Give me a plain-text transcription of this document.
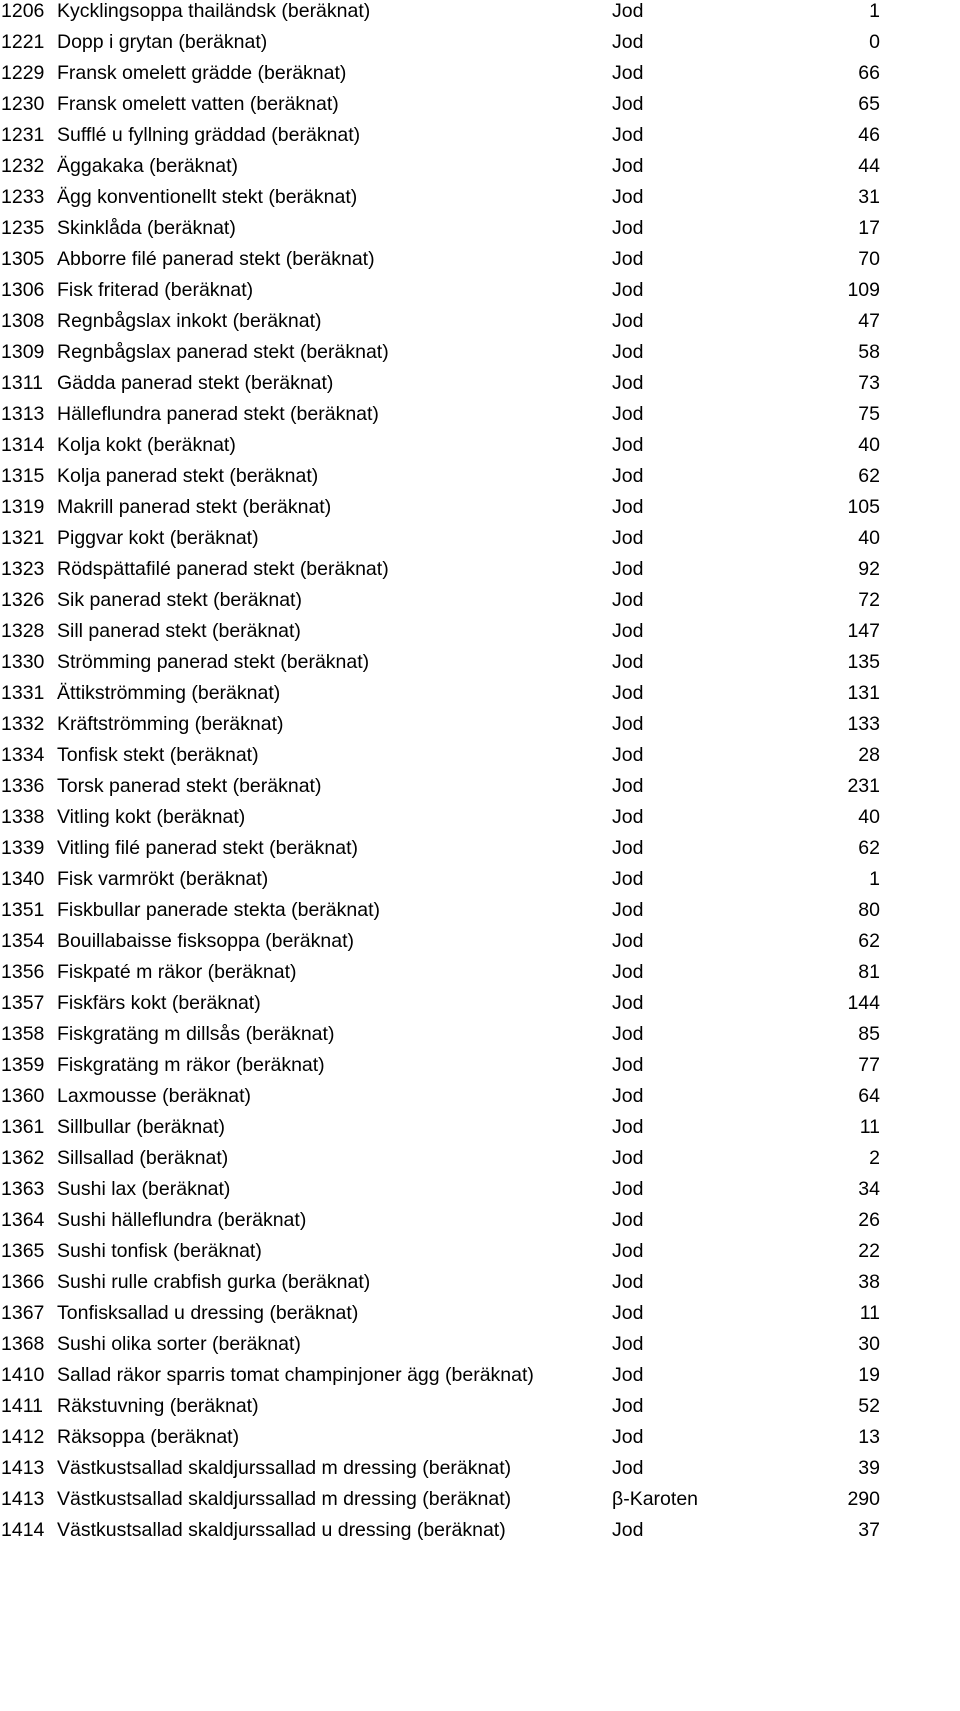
1206 Kycklingsoppa thailändsk (beräknat)	Jod	1
1221 Dopp i grytan (beräknat)	Jod	0
1229 Fransk omelett grädde (beräknat)	Jod	66
1230 Fransk omelett vatten (beräknat)	Jod	65
1231 Sufflé u fyllning gräddad (beräknat)	Jod	46
1232 Äggakaka (beräknat)	Jod	44
1233 Ägg konventionellt stekt (beräknat)	Jod	31
1235 Skinklåda (beräknat)	Jod	17
1305 Abborre filé panerad stekt (beräknat)	Jod	70
1306 Fisk friterad (beräknat)	Jod	109
1308 Regnbågslax inkokt (beräknat)	Jod	47
1309 Regnbågslax panerad stekt (beräknat)	Jod	58
1311 Gädda panerad stekt (beräknat)	Jod	73
1313 Hälleflundra panerad stekt (beräknat)	Jod	75
1314 Kolja kokt (beräknat)	Jod	40
1315 Kolja panerad stekt (beräknat)	Jod	62
1319 Makrill panerad stekt (beräknat)	Jod	105
1321 Piggvar kokt (beräknat)	Jod	40
1323 Rödspättafilé panerad stekt (beräknat)	Jod	92
1326 Sik panerad stekt (beräknat)	Jod	72
1328 Sill panerad stekt (beräknat)	Jod	147
1330 Strömming panerad stekt (beräknat)	Jod	135
1331 Ättikströmming (beräknat)	Jod	131
1332 Kräftströmming (beräknat)	Jod	133
1334 Tonfisk stekt (beräknat)	Jod	28
1336 Torsk panerad stekt (beräknat)	Jod	231
1338 Vitling kokt (beräknat)	Jod	40
1339 Vitling filé panerad stekt (beräknat)	Jod	62
1340 Fisk varmrökt (beräknat)	Jod	1
1351 Fiskbullar panerade stekta (beräknat)	Jod	80
1354 Bouillabaisse fisksoppa (beräknat)	Jod	62
1356 Fiskpaté m räkor (beräknat)	Jod	81
1357 Fiskfärs kokt (beräknat)	Jod	144
1358 Fiskgratäng m dillsås (beräknat)	Jod	85
1359 Fiskgratäng m räkor (beräknat)	Jod	77
1360 Laxmousse (beräknat)	Jod	64
1361 Sillbullar (beräknat)	Jod	11
1362 Sillsallad (beräknat)	Jod	2
1363 Sushi lax (beräknat)	Jod	34
1364 Sushi hälleflundra (beräknat)	Jod	26
1365 Sushi tonfisk (beräknat)	Jod	22
1366 Sushi rulle crabfish gurka (beräknat)	Jod	38
1367 Tonfisksallad u dressing (beräknat)	Jod	11
1368 Sushi olika sorter (beräknat)	Jod	30
1410 Sallad räkor sparris tomat champinjoner ägg (beräknat)	Jod	19
1411 Räkstuvning (beräknat)	Jod	52
1412 Räksoppa (beräknat)	Jod	13
1413 Västkustsallad skaldjurssallad m dressing (beräknat)	Jod	39
1413 Västkustsallad skaldjurssallad m dressing (beräknat)	β-Karoten	290
1414 Västkustsallad skaldjurssallad u dressing (beräknat)	Jod	37
